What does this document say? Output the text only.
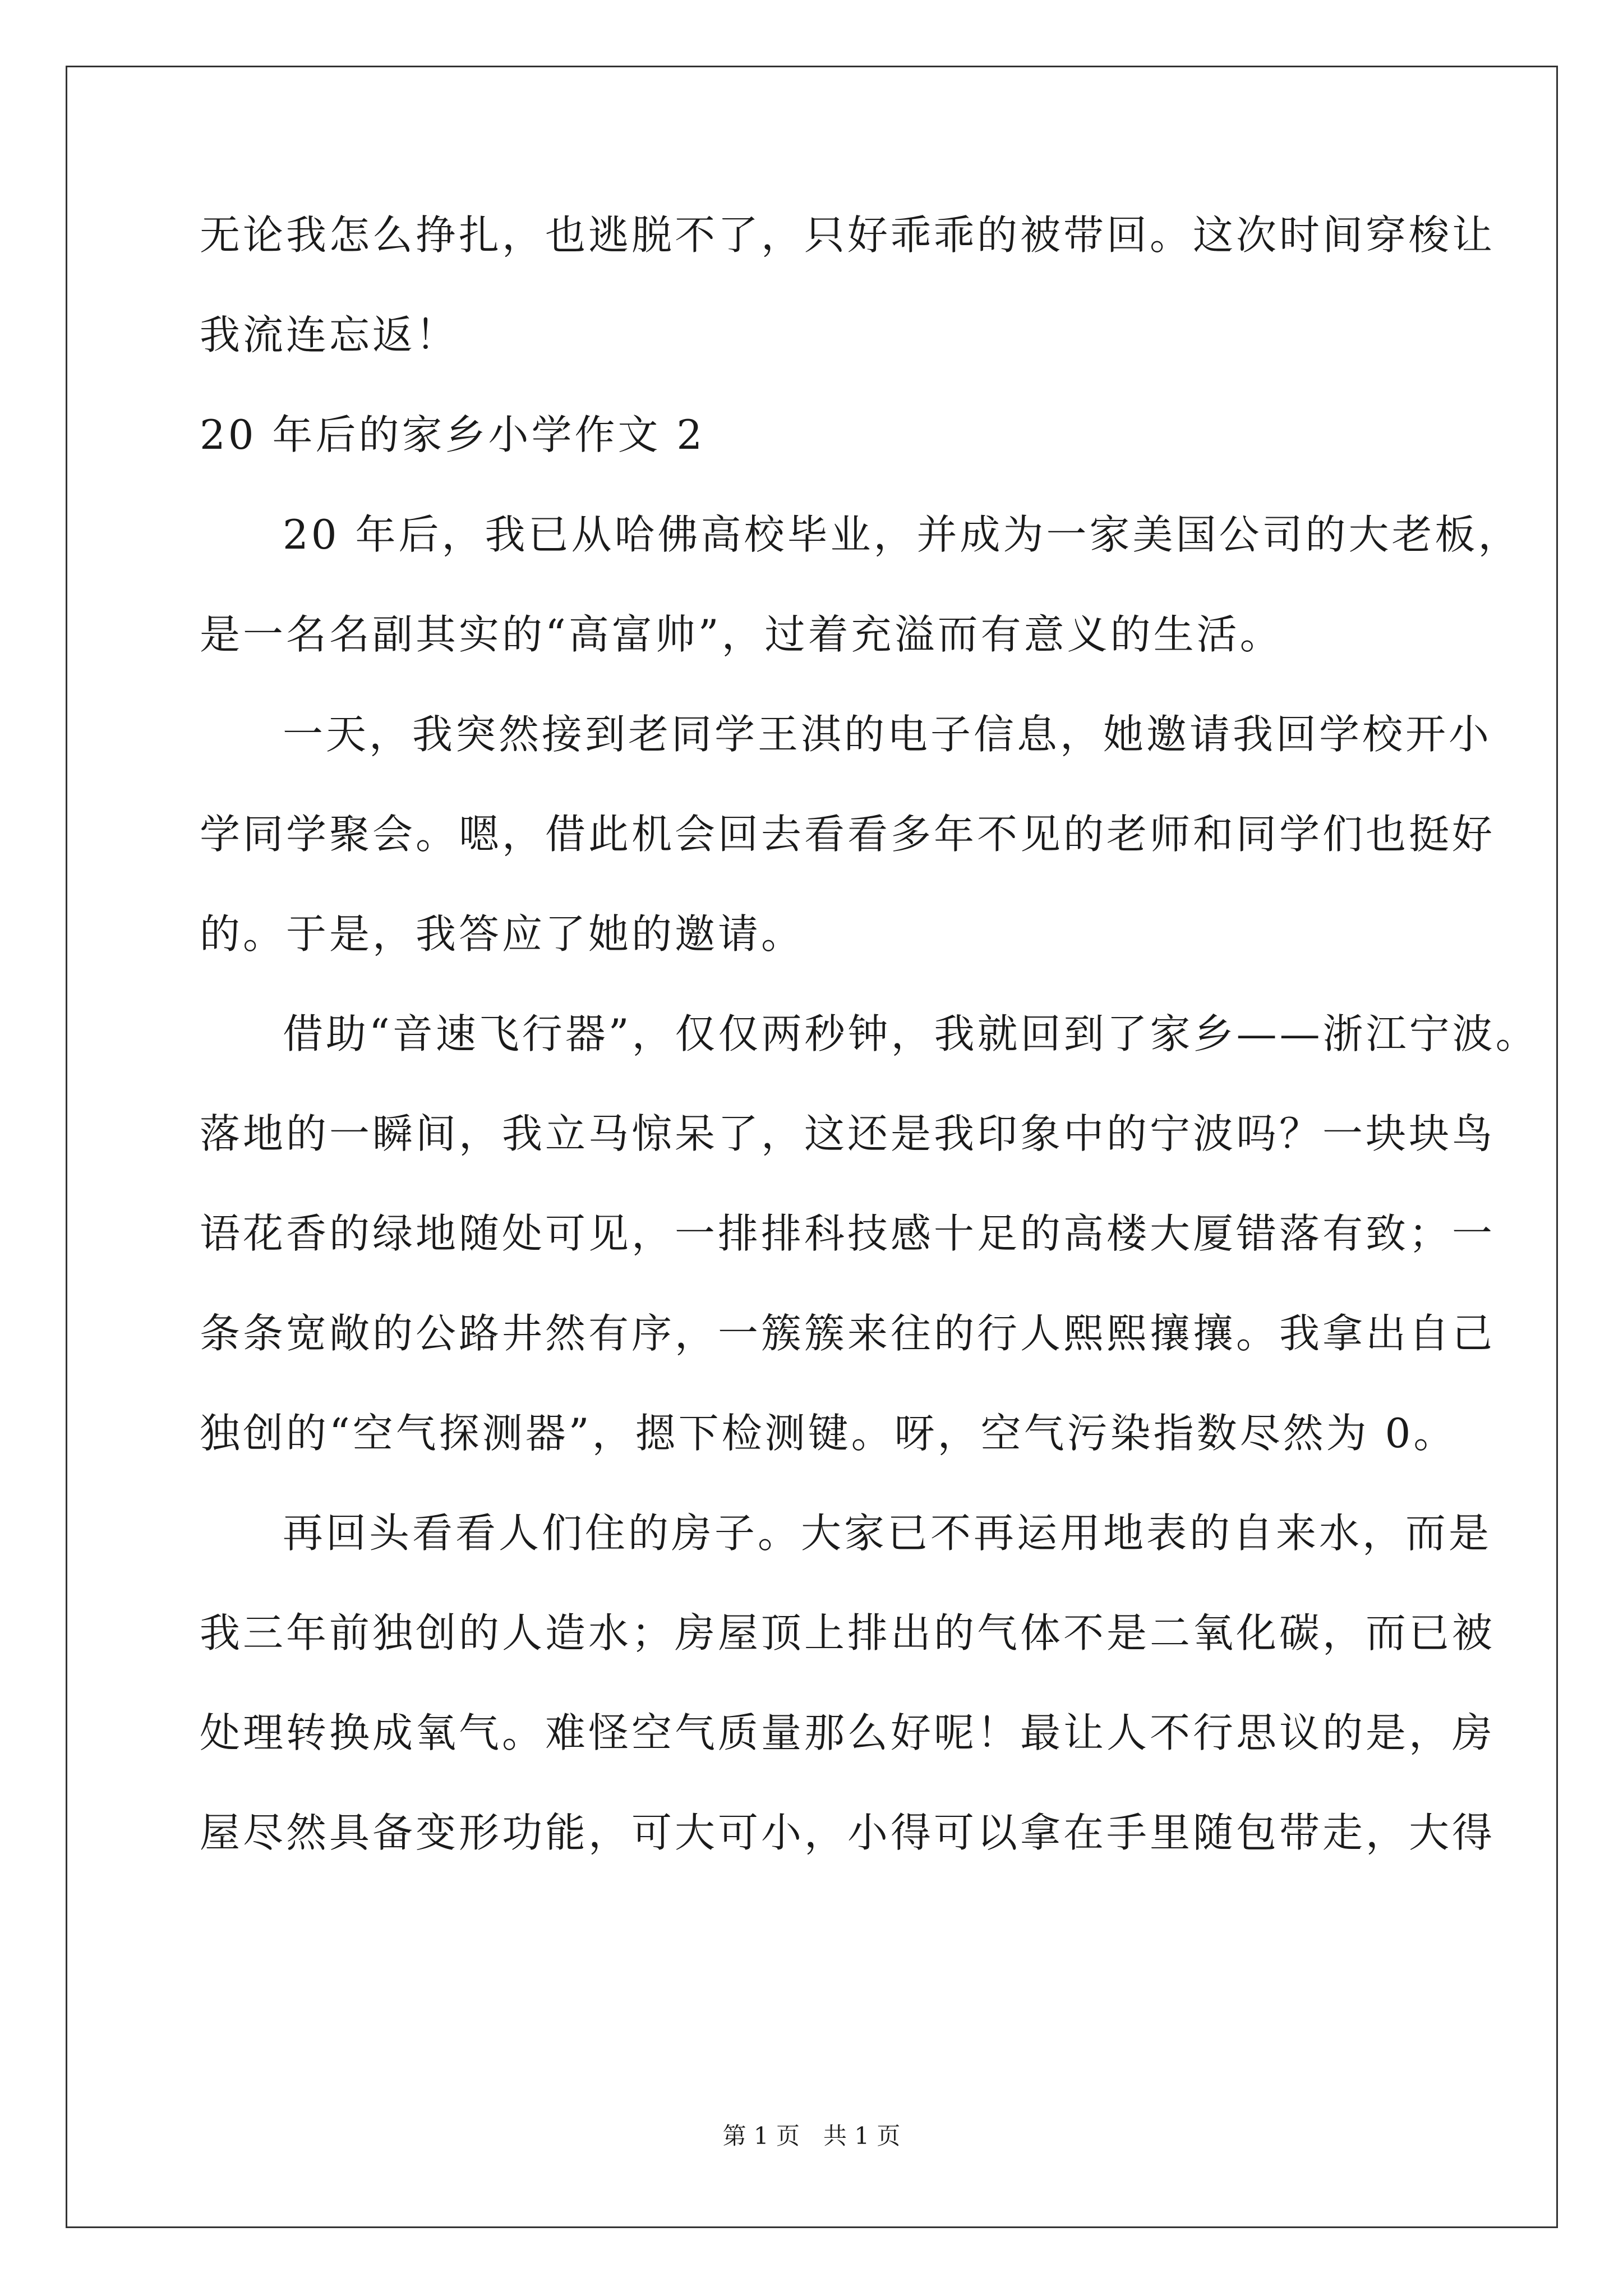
无论我怎么挣扎，也逃脱不了，只好乖乖的被带回。这次时间穿梭让
我流连忘返！
20 年后的家乡小学作文 2
20 年后，我已从哈佛高校毕业，并成为一家美国公司的大老板，
是一名名副其实的“高富帅”，过着充溢而有意义的生活。
一天，我突然接到老同学王淇的电子信息，她邀请我回学校开小
学同学聚会。嗯，借此机会回去看看多年不见的老师和同学们也挺好
的。于是，我答应了她的邀请。
借助“音速飞行器”，仅仅两秒钟，我就回到了家乡——浙江宁波。
落地的一瞬间，我立马惊呆了，这还是我印象中的宁波吗？一块块鸟
语花香的绿地随处可见，一排排科技感十足的高楼大厦错落有致；一
条条宽敞的公路井然有序，一簇簇来往的行人熙熙攘攘。我拿出自己
独创的“空气探测器”，摁下检测键。呀，空气污染指数尽然为 0。
再回头看看人们住的房子。大家已不再运用地表的自来水，而是
我三年前独创的人造水；房屋顶上排出的气体不是二氧化碳，而已被
处理转换成氧气。难怪空气质量那么好呢！最让人不行思议的是，房
屋尽然具备变形功能，可大可小，小得可以拿在手里随包带走，大得
第 1 页　共 1 页
